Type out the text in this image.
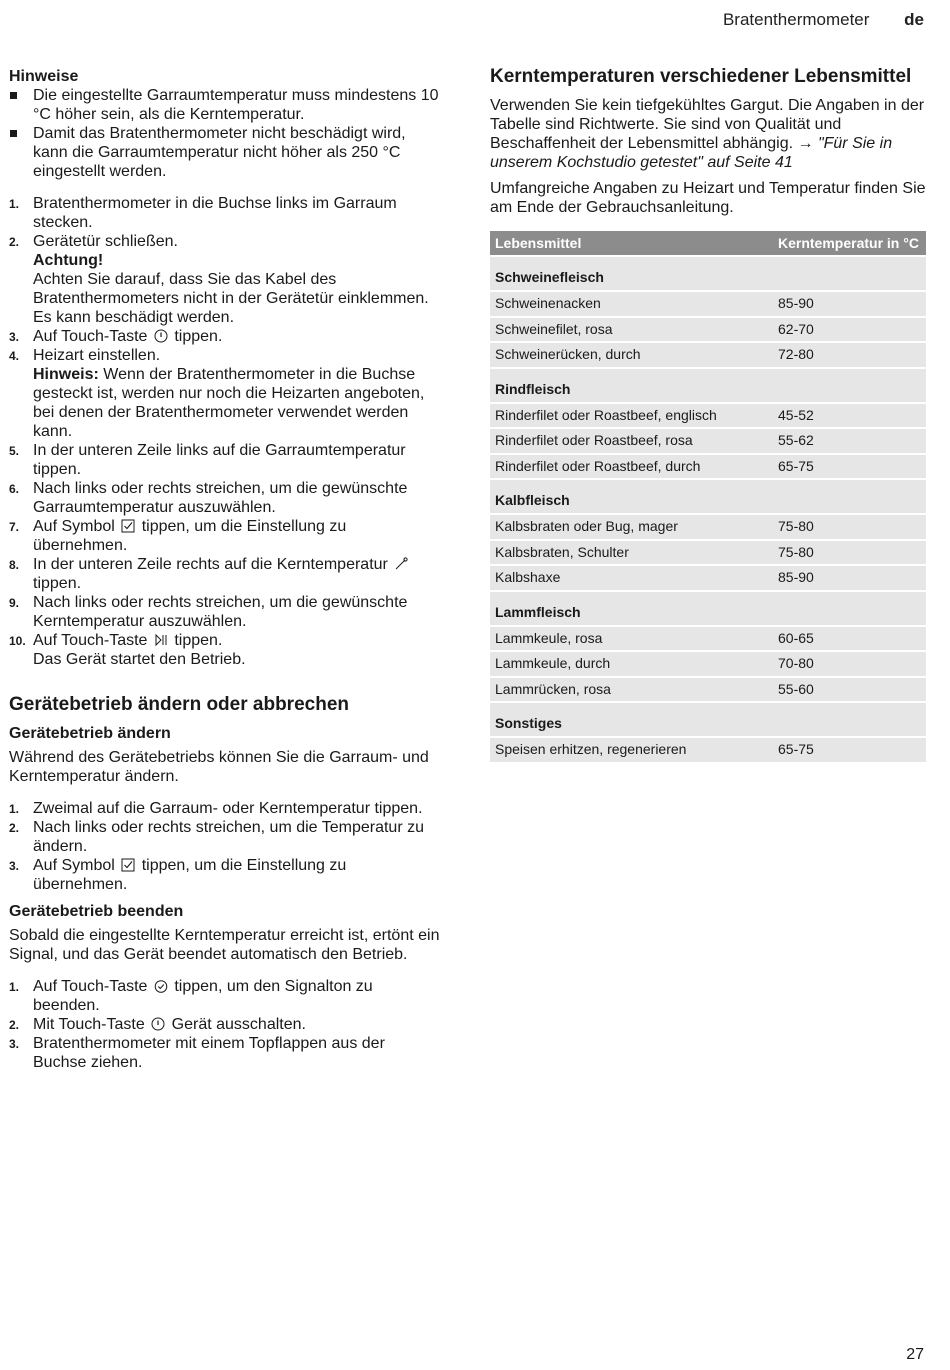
Bratenthermometer de
Hinweise
Die eingestellte Garraumtemperatur muss mindestens 10 °C höher sein, als die Kerntemperatur.
Damit das Bratenthermometer nicht beschädigt wird, kann die Garraumtemperatur nicht höher als 250 °C eingestellt werden.
1. Bratenthermometer in die Buchse links im Garraum stecken.
2. Gerätetür schließen.
Achtung!
Achten Sie darauf, dass Sie das Kabel des Bratenthermometers nicht in der Gerätetür einklemmen. Es kann beschädigt werden.
3. Auf Touch-Taste tippen.
4. Heizart einstellen.
Hinweis: Wenn der Bratenthermometer in die Buchse gesteckt ist, werden nur noch die Heizarten angeboten, bei denen der Bratenthermometer verwendet werden kann.
5. In der unteren Zeile links auf die Garraumtemperatur tippen.
6. Nach links oder rechts streichen, um die gewünschte Garraumtemperatur auszuwählen.
7. Auf Symbol tippen, um die Einstellung zu übernehmen.
8. In der unteren Zeile rechts auf die Kerntemperatur  tippen.
9. Nach links oder rechts streichen, um die gewünschte Kerntemperatur auszuwählen.
10. Auf Touch-Taste tippen.
Das Gerät startet den Betrieb.
Gerätebetrieb ändern oder abbrechen
Gerätebetrieb ändern

Während des Gerätebetriebs können Sie die Garraum- und Kerntemperatur ändern.

1. Zweimal auf die Garraum- oder Kerntemperatur tippen.
2. Nach links oder rechts streichen, um die Temperatur zu ändern.
3. Auf Symbol tippen, um die Einstellung zu übernehmen.
Gerätebetrieb beenden

Sobald die eingestellte Kerntemperatur erreicht ist, ertönt ein Signal, und das Gerät beendet automatisch den Betrieb.

1. Auf Touch-Taste tippen, um den Signalton zu beenden.
2. Mit Touch-Taste Gerät ausschalten.
3. Bratenthermometer mit einem Topflappen aus der Buchse ziehen.
Kerntemperaturen verschiedener Lebensmittel

Verwenden Sie kein tiefgekühltes Gargut. Die Angaben in der Tabelle sind Richtwerte. Sie sind von Qualität und Beschaffenheit der Lebensmittel abhängig. → "Für Sie in unserem Kochstudio getestet" auf Seite 41

Umfangreiche Angaben zu Heizart und Temperatur finden Sie am Ende der Gebrauchsanleitung.

Lebensmittel	Kerntemperatur in °C
Schweinefleisch	
Schweinenacken	85-90
Schweinefilet, rosa	62-70
Schweinerücken, durch	72-80
Rindfleisch	
Rinderfilet oder Roastbeef, englisch	45-52
Rinderfilet oder Roastbeef, rosa	55-62
Rinderfilet oder Roastbeef, durch	65-75
Kalbfleisch	
Kalbsbraten oder Bug, mager	75-80
Kalbsbraten, Schulter	75-80
Kalbshaxe	85-90
Lammfleisch	
Lammkeule, rosa	60-65
Lammkeule, durch	70-80
Lammrücken, rosa	55-60
Sonstiges	
Speisen erhitzen, regenerieren	65-75
27
